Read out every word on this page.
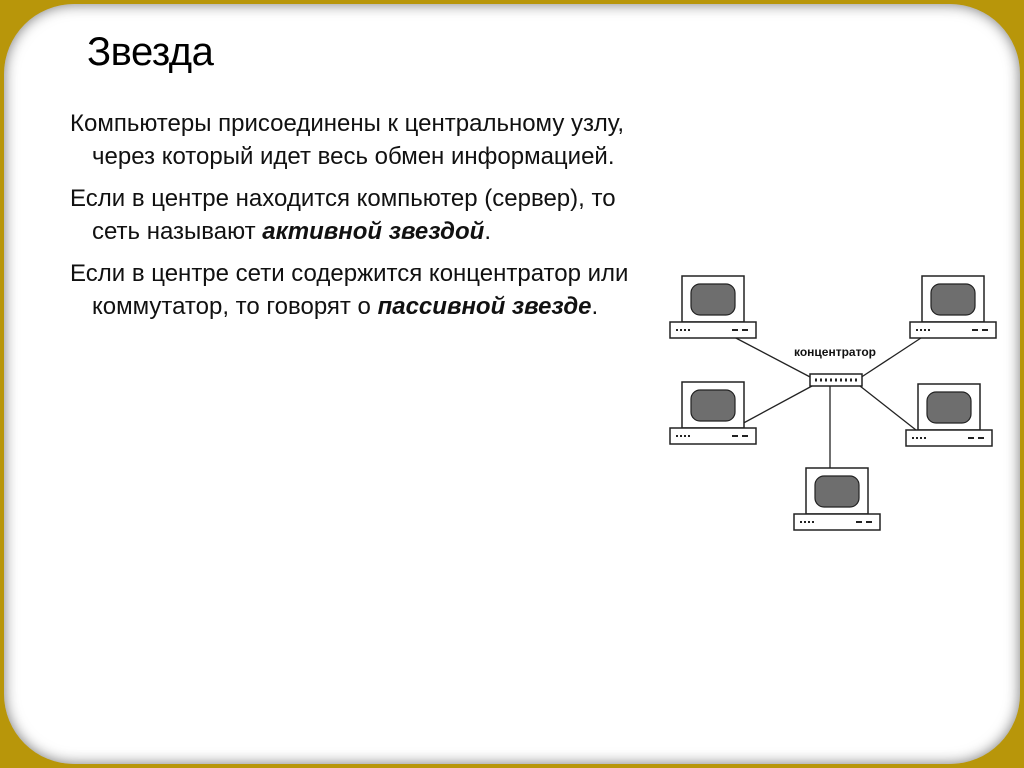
Звезда

Компьютеры присоединены к центральному узлу, через который идет весь обмен информацией.

Если в центре находится компьютер (сервер), то сеть называют активной звездой.

Если в центре сети содержится концентратор или коммутатор, то говорят о пассивной звезде.

концентратор
